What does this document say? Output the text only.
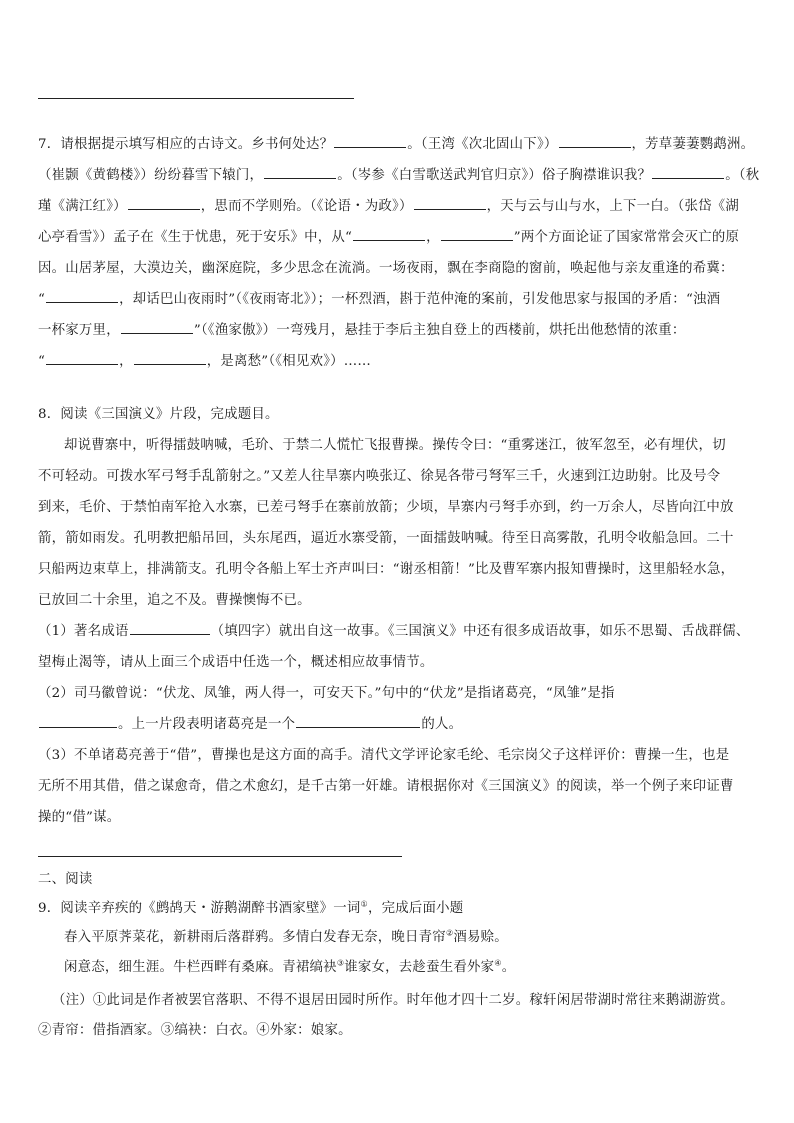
7．请根据提示填写相应的古诗文。乡书何处达？	。（王湾《次北固山下》）	，芳草萋萋鹦鹉洲。
（崔颢《黄鹤楼》）纷纷暮雪下辕门，	。（岑参《白雪歌送武判官归京》）俗子胸襟谁识我？	。（秋
瑾《满江红》）	，思而不学则殆。（《论语・为政》）	，天与云与山与水，上下一白。（张岱《湖
心亭看雪》）孟子在《生于忧患，死于安乐》中，从“	，	”两个方面论证了国家常常会灭亡的原
因。山居茅屋，大漠边关，幽深庭院，多少思念在流淌。一场夜雨，飘在李商隐的窗前，唤起他与亲友重逢的希冀：
“	，却话巴山夜雨时”（《夜雨寄北》）；一杯烈酒，斟于范仲淹的案前，引发他思家与报国的矛盾：“浊酒
一杯家万里，	”（《渔家傲》）一弯残月，悬挂于李后主独自登上的西楼前，烘托出他愁情的浓重：
“	，	，是离愁”（《相见欢》）……
8．阅读《三国演义》片段，完成题目。
却说曹寨中，听得擂鼓呐喊，毛玠、于禁二人慌忙飞报曹操。操传令曰：“重雾迷江，彼军忽至，必有埋伏，切
不可轻动。可拨水军弓弩手乱箭射之。”又差人往旱寨内唤张辽、徐晃各带弓弩军三千，火速到江边助射。比及号令
到来，毛价、于禁怕南军抢入水寨，已差弓弩手在寨前放箭；少顷，旱寨内弓弩手亦到，约一万余人，尽皆向江中放
箭，箭如雨发。孔明教把船吊回，头东尾西，逼近水寨受箭，一面擂鼓呐喊。待至日高雾散，孔明令收船急回。二十
只船两边束草上，排满箭支。孔明令各船上军士齐声叫曰：“谢丞相箭！”比及曹军寨内报知曹操时，这里船轻水急，
已放回二十余里，追之不及。曹操懊悔不已。
（1）著名成语	（填四字）就出自这一故事。《三国演义》中还有很多成语故事，如乐不思蜀、舌战群儒、
望梅止渴等，请从上面三个成语中任选一个，概述相应故事情节。
（2）司马徽曾说：“伏龙、凤雏，两人得一，可安天下。”句中的“伏龙”是指诸葛亮，“凤雏”是指
。上一片段表明诸葛亮是一个	的人。
（3）不单诸葛亮善于“借”，曹操也是这方面的高手。清代文学评论家毛纶、毛宗岗父子这样评价：曹操一生，也是
无所不用其借，借之谋愈奇，借之术愈幻，是千古第一奸雄。请根据你对《三国演义》的阅读，举一个例子来印证曹
操的“借”谋。
二、阅读
9．阅读辛弃疾的《鹧鸪天・游鹅湖醉书酒家壁》一词①，完成后面小题
春入平原荠菜花，新耕雨后落群鸦。多情白发春无奈，晚日青帘②酒易赊。
闲意态，细生涯。牛栏西畔有桑麻。青裙缟袂③谁家女，去趁蚕生看外家④。
（注）①此词是作者被罢官落职、不得不退居田园时所作。时年他才四十二岁。稼轩闲居带湖时常往来鹅湖游赏。
②青帘：借指酒家。③缟袂：白衣。④外家：娘家。
